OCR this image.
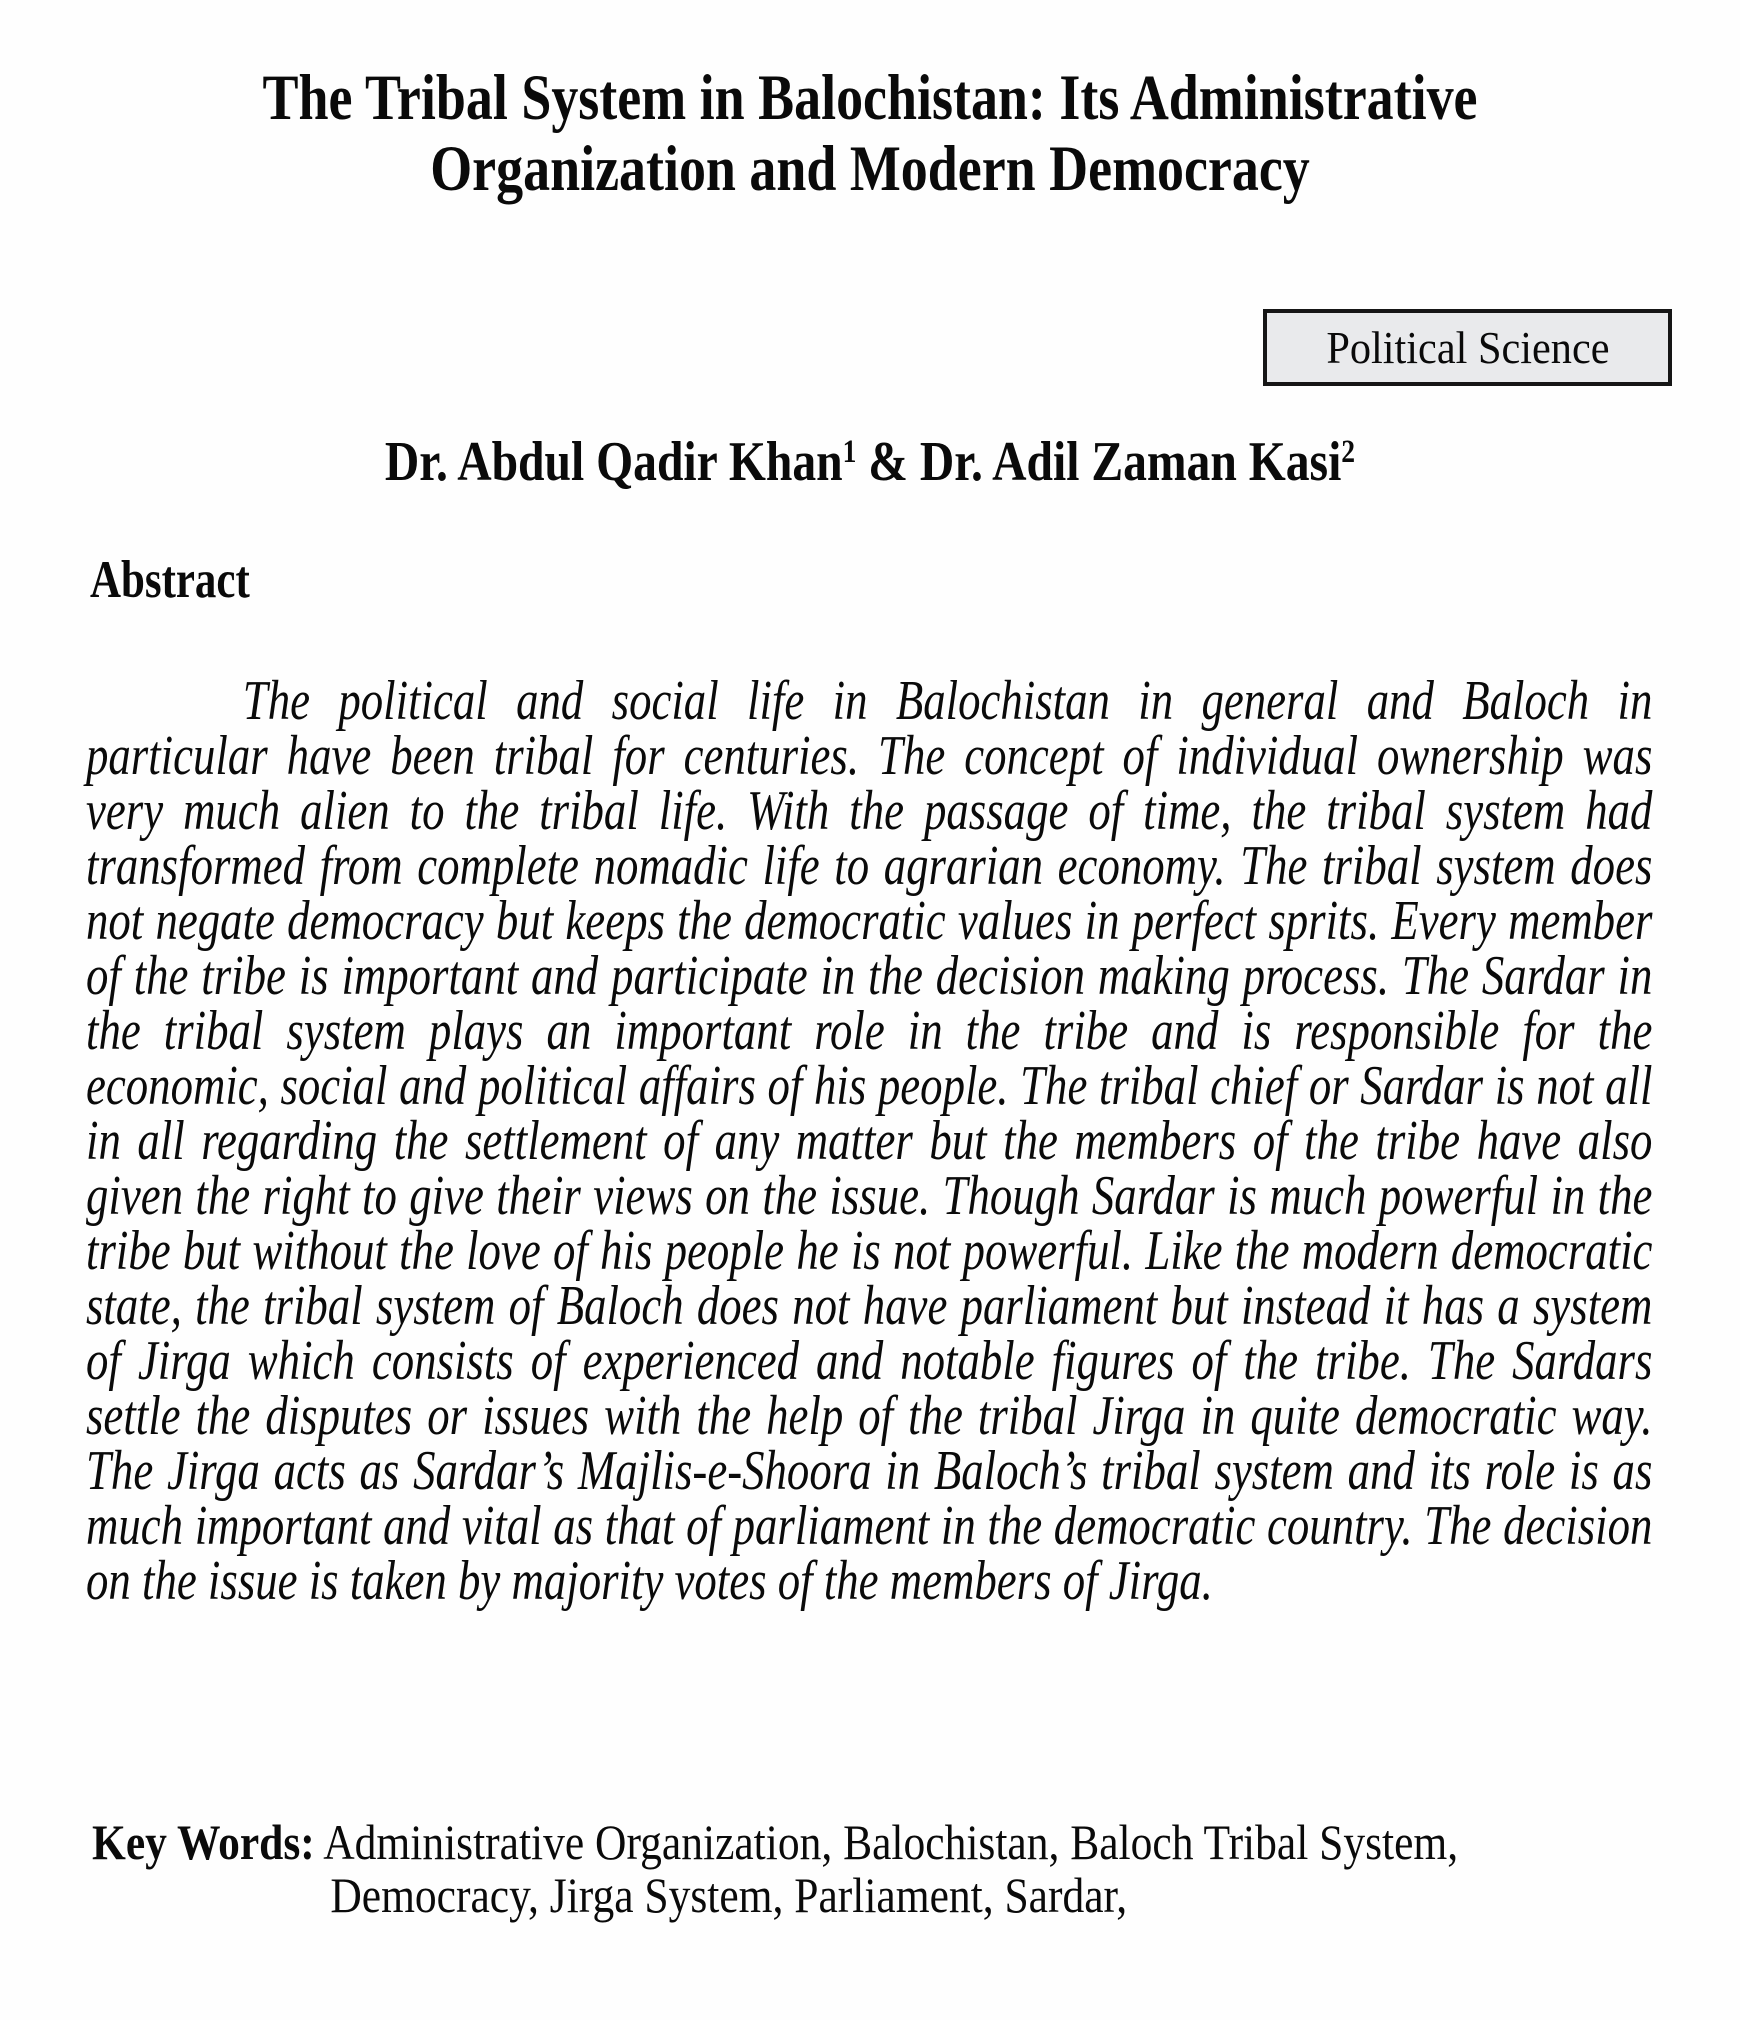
The Tribal System in Balochistan: Its Administrative
Organization and Modern Democracy
Political Science
Dr. Abdul Qadir Khan$^1$ & Dr. Adil Zaman Kasi$^2$
Abstract

The political and social life in Balochistan in general and Baloch in particular have been tribal for centuries. The concept of individual ownership was very much alien to the tribal life. With the passage of time, the tribal system had transformed from complete nomadic life to agrarian economy. The tribal system does not negate democracy but keeps the democratic values in perfect sprits. Every member of the tribe is important and participate in the decision making process. The Sardar in the tribal system plays an important role in the tribe and is responsible for the economic, social and political affairs of his people. The tribal chief or Sardar is not all in all regarding the settlement of any matter but the members of the tribe have also given the right to give their views on the issue. Though Sardar is much powerful in the tribe but without the love of his people he is not powerful. Like the modern democratic state, the tribal system of Baloch does not have parliament but instead it has a system of Jirga which consists of experienced and notable figures of the tribe. The Sardars settle the disputes or issues with the help of the tribal Jirga in quite democratic way. The Jirga acts as Sardar’s Majlis-e-Shoora in Baloch’s tribal system and its role is as much important and vital as that of parliament in the democratic country. The decision on the issue is taken by majority votes of the members of Jirga.

Key Words: Administrative Organization, Balochistan, Baloch Tribal System,
Democracy, Jirga System, Parliament, Sardar,
